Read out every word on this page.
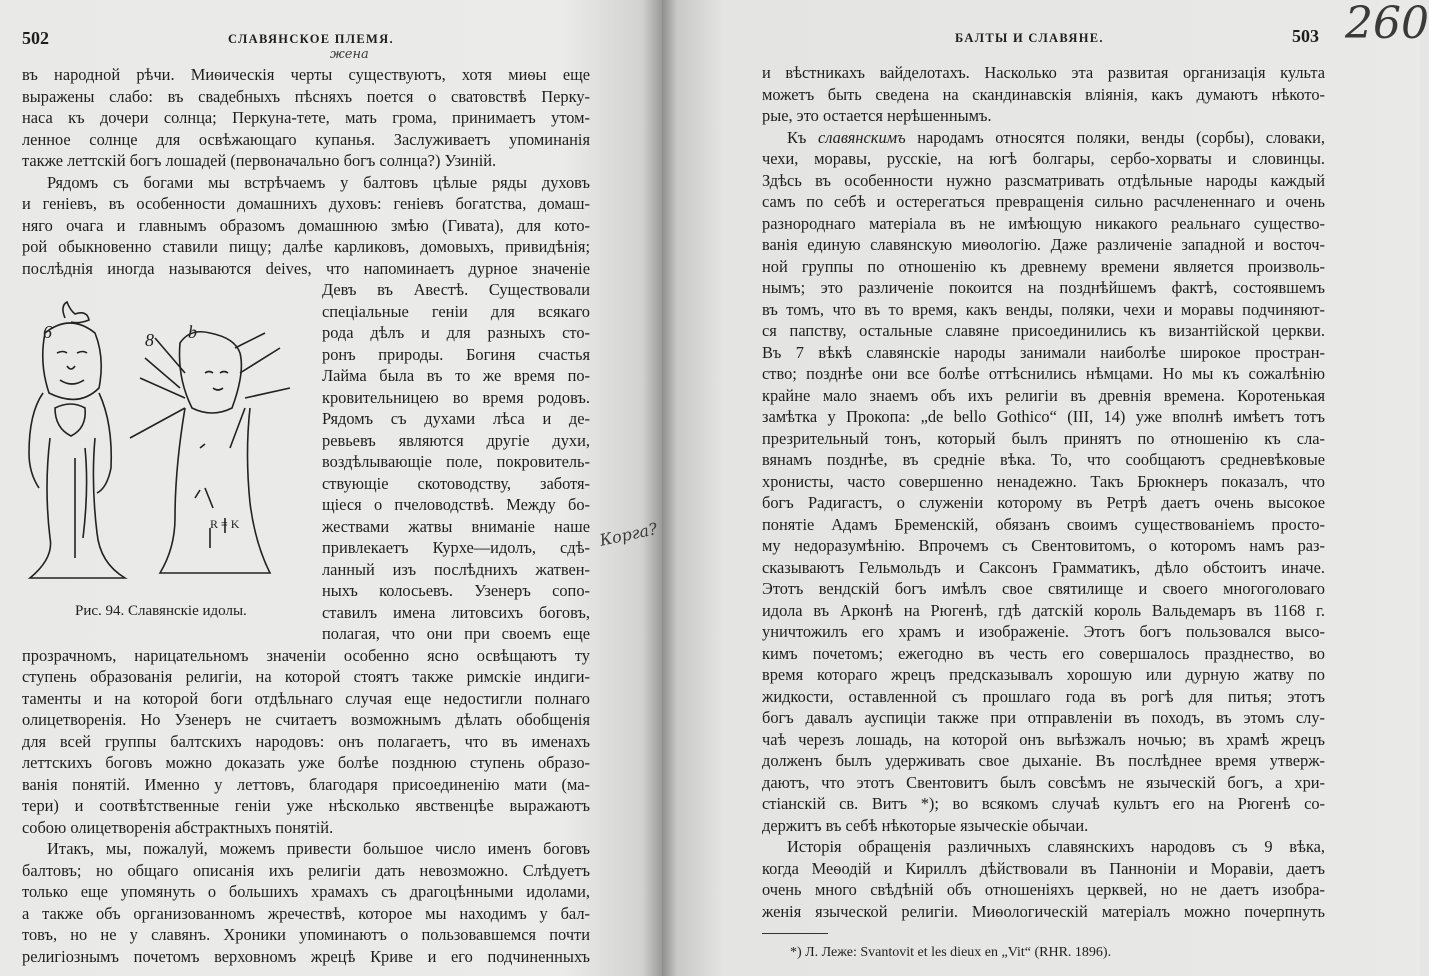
502	СЛАВЯНСКОЕ ПЛЕМЯ.	БАЛТЫ И СЛАВЯНЕ.	503 260
въ народной рѣчи. Миѳическія черты существуютъ, хотя миѳы еще
выражены слабо: въ свадебныхъ пѣсняхъ поется о сватовствѣ Перку-
наса къ дочери солнца; Перкуна-тете, мать грома, принимаетъ утом-
ленное солнце для освѣжающаго купанья. Заслуживаетъ упоминанія
также леттскій богъ лошадей (первоначально богъ солнца?) Узиній.
Рядомъ съ богами мы встрѣчаемъ у балтовъ цѣлые ряды духовъ
и геніевъ, въ особенности домашнихъ духовъ: геніевъ богатства, домаш-
няго очага и главнымъ образомъ домашнюю змѣю (Гивата), для кото-
рой обыкновенно ставили пищу; далѣе карликовъ, домовыхъ, привидѣнія;
послѣднія иногда называются deives, что напоминаетъ дурное значеніе
Девъ въ Авестѣ. Существовали
спеціальные геніи для всякаго
рода дѣлъ и для разныхъ сто-
ронъ природы. Богиня счастья
Лайма была въ то же время по-
кровительницею во время родовъ.
Рядомъ съ духами лѣса и де-
ревьевъ являются другіе духи,
воздѣлывающіе поле, покровитель-
ствующіе скотоводству, заботя-
щіеся о пчеловодствѣ. Между бо-
жествами жатвы вниманіе наше
привлекаетъ Курхе—идолъ, сдѣ-
ланный изъ послѣднихъ жатвен-
ныхъ колосьевъ. Узенеръ сопо-
ставилъ имена литовсихъ боговъ,
полагая, что они при своемъ еще
прозрачномъ, нарицательномъ значеніи особенно ясно освѣщаютъ ту
ступень образованія религіи, на которой стоятъ также римскіе индиги-
таменты и на которой боги отдѣльнаго случая еще недостигли полнаго
олицетворенія. Но Узенеръ не считаетъ возможнымъ дѣлать обобщенія
для всей группы балтскихъ народовъ: онъ полагаетъ, что въ именахъ
леттскихъ боговъ можно доказать уже болѣе позднюю ступень образо-
ванія понятій. Именно у леттовъ, благодаря присоединенію мати (ма-
тери) и соотвѣтственные геніи уже нѣсколько явственцѣе выражаютъ
собою олицетворенія абстрактныхъ понятій.
Итакъ, мы, пожалуй, можемъ привести большое число именъ боговъ
балтовъ; но общаго описанія ихъ религіи дать невозможно. Слѣдуетъ
только еще упомянуть о большихъ храмахъ съ драгоцѣнными идолами,
а также объ организованномъ жречествѣ, которое мы находимъ у бал-
товъ, но не у славянъ. Хроники упоминаютъ о пользовавшемся почти
религіознымъ почетомъ верховномъ жрецѣ Криве и его подчиненныхъ
и вѣстникахъ вайделотахъ. Насколько эта развитая организація культа
можетъ быть сведена на скандинавскія вліянія, какъ думаютъ нѣкото-
рые, это остается нерѣшеннымъ.
Къ славянскимъ народамъ относятся поляки, венды (сорбы), словаки,
чехи, моравы, русскіе, на югѣ болгары, сербо-хорваты и словинцы.
Здѣсь въ особенности нужно разсматривать отдѣльные народы каждый
самъ по себѣ и остерегаться превращенія сильно расчлененнаго и очень
разнороднаго матеріала въ не имѣющую никакого реальнаго существо-
ванія единую славянскую миѳологію. Даже различеніе западной и восточ-
ной группы по отношенію къ древнему времени является произволь-
нымъ; это различеніе покоится на позднѣйшемъ фактѣ, состоявшемъ
въ томъ, что въ то время, какъ венды, поляки, чехи и моравы подчиняют-
ся папству, остальные славяне присоединились къ византійской церкви.
Въ 7 вѣкѣ славянскіе народы занимали наиболѣе широкое простран-
ство; позднѣе они все болѣе оттѣснились нѣмцами. Но мы къ сожалѣнію
крайне мало знаемъ объ ихъ религіи въ древнія времена. Коротенькая
замѣтка у Прокопа: „de bello Gothico“ (III, 14) уже вполнѣ имѣетъ тотъ
презрительный тонъ, который былъ принятъ по отношенію къ сла-
вянамъ позднѣе, въ средніе вѣка. То, что сообщаютъ средневѣковые
хронисты, часто совершенно ненадежно. Такъ Брюкнеръ показалъ, что
богъ Радигастъ, о служеніи которому въ Ретрѣ даетъ очень высокое
понятіе Адамъ Бременскій, обязанъ своимъ существованіемъ просто-
му недоразумѣнію. Впрочемъ съ Свентовитомъ, о которомъ намъ раз-
сказываютъ Гельмольдъ и Саксонъ Грамматикъ, дѣло обстоитъ иначе.
Этотъ вендскій богъ имѣлъ свое святилище и своего многоголоваго
идола въ Арконѣ на Рюгенѣ, гдѣ датскій король Вальдемаръ въ 1168 г.
уничтожилъ его храмъ и изображеніе. Этотъ богъ пользовался высо-
кимъ почетомъ; ежегодно въ честь его совершалось празднество, во
время котораго жрецъ предсказывалъ хорошую или дурную жатву по
жидкости, оставленной съ прошлаго года въ рогѣ для питья; этотъ
богъ давалъ ауспиціи также при отправленіи въ походъ, въ этомъ слу-
чаѣ черезъ лошадь, на которой онъ выѣзжалъ ночью; въ храмѣ жрецъ
долженъ былъ удерживать свое дыханіе. Въ послѣднее время утверж-
даютъ, что этотъ Свентовитъ былъ совсѣмъ не языческій богъ, а хри-
стіанскій св. Витъ *); во всякомъ случаѣ культъ его на Рюгенѣ со-
держитъ въ себѣ нѣкоторые языческіе обычаи.
Исторія обращенія различныхъ славянскихъ народовъ съ 9 вѣка,
когда Меѳодій и Кириллъ дѣйствовали въ Панноніи и Моравіи, даетъ
очень много свѣдѣній объ отношеніяхъ церквей, но не даетъ изобра-
женія языческой религіи. Миѳологическій матеріалъ можно почерпнуть
R ≡ K
6	8 b
Рис. 94. Славянскіе идолы.
жена
Корга?
*) Л. Леже: Svantovit et les dieux en „Vit“ (RHR. 1896).
